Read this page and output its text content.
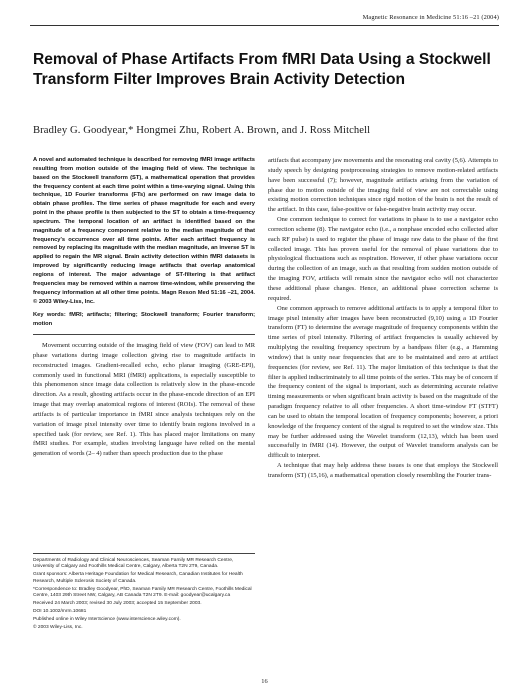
Magnetic Resonance in Medicine 51:16 –21 (2004)
Removal of Phase Artifacts From fMRI Data Using a Stockwell Transform Filter Improves Brain Activity Detection
Bradley G. Goodyear,* Hongmei Zhu, Robert A. Brown, and J. Ross Mitchell

A novel and automated technique is described for removing fMRI image artifacts resulting from motion outside of the imaging field of view. The technique is based on the Stockwell transform (ST), a mathematical operation that provides the frequency content at each time point within a time-varying signal. Using this technique, 1D Fourier transforms (FTs) are performed on raw image data to obtain phase profiles. The time series of phase magnitude for each and every point in the phase profile is then subjected to the ST to obtain a time-frequency spectrum. The temporal location of an artifact is identified based on the magnitude of a frequency component relative to the median magnitude of that frequency's occurrence over all time points. After each artifact frequency is removed by replacing its magnitude with the median magnitude, an inverse ST is applied to regain the MR signal. Brain activity detection within fMRI datasets is improved by significantly reducing image artifacts that overlap anatomical regions of interest. The major advantage of ST-filtering is that artifact frequencies may be removed within a narrow time-window, while preserving the frequency information at all other time points. Magn Reson Med 51:16 –21, 2004. © 2003 Wiley-Liss, Inc.

Key words: fMRI; artifacts; filtering; Stockwell transform; Fourier transform; motion

Movement occurring outside of the imaging field of view (FOV) can lead to MR phase variations during image collection giving rise to magnitude artifacts in reconstructed images. Gradient-recalled echo, echo planar imaging (GRE-EPI), commonly used in functional MRI (fMRI) applications, is especially susceptible to this phenomenon since image data collection is relatively slow in the phase-encode direction. As a result, ghosting artifacts occur in the phase-encode direction of an EPI image that may overlap anatomical regions of interest (ROIs). The removal of these artifacts is of particular importance in fMRI since analysis techniques rely on the variation of image pixel intensity over time to identify brain regions involved in a specified task (for review, see Ref. 1). This has placed major limitations on many fMRI studies. For example, studies involving language have relied on the mental generation of words (2– 4) rather than speech production due to the phase

artifacts that accompany jaw movements and the resonating oral cavity (5,6). Attempts to study speech by designing postprocessing strategies to remove motion-related artifacts have been successful (7); however, magnitude artifacts arising from the variation of phase due to motion outside of the imaging field of view are not correctable using existing motion correction techniques since rigid motion of the brain is not the result of the artifact. In this case, false-positive or false-negative brain activity may occur.

One common technique to correct for variations in phase is to use a navigator echo correction scheme (8). The navigator echo (i.e., a nonphase encoded echo collected after each RF pulse) is used to register the phase of image raw data to the phase of the first collected image. This has proven useful for the removal of phase variations due to physiological fluctuations such as respiration. However, if other phase variations occur during the collection of an image, such as that resulting from sudden motion outside of the imaging FOV, artifacts will remain since the navigator echo will not characterize these additional phase changes. Hence, an additional phase correction scheme is required.

One common approach to remove additional artifacts is to apply a temporal filter to image pixel intensity after images have been reconstructed (9,10) using a 1D Fourier transform (FT) to determine the average magnitude of frequency components within the time series of pixel intensity. Filtering of artifact frequencies is usually achieved by multiplying the resulting frequency spectrum by a bandpass filter (e.g., a Hamming window) that is unity near frequencies that are to be maintained and zero at artifact frequencies (for review, see Ref. 11). The major limitation of this technique is that the filter is applied indiscriminately to all time points of the series. This may be of concern if the frequency content of the signal is important, such as determining accurate relative timing measurements or when significant brain activity is based on the magnitude of the paradigm frequency relative to all other frequencies. A short time-window FT (STFT) can be used to obtain the temporal location of frequency components; however, a priori knowledge of the frequency content of the signal is required to set the window size. This may be further addressed using the Wavelet transform (12,13), which has been used successfully in fMRI (14). However, the output of Wavelet transform analysis can be difficult to interpret.

A technique that may help address these issues is one that employs the Stockwell transform (ST) (15,16), a mathematical operation closely resembling the Fourier trans-

Departments of Radiology and Clinical Neurosciences, Seaman Family MR Research Centre, University of Calgary and Foothills Medical Centre, Calgary, Alberta T2N 2T9, Canada.

Grant sponsors: Alberta Heritage Foundation for Medical Research, Canadian Institutes for Health Research, Multiple Sclerosis Society of Canada.

*Correspondence to: Bradley Goodyear, PhD, Seaman Family MR Research Centre, Foothills Medical Centre, 1403 29th Street NW, Calgary, AB Canada T2N 2T9. E-mail: goodyear@ucalgary.ca

Received 24 March 2003; revised 30 July 2003; accepted 15 September 2003.

DOI 10.1002/mrm.10681

Published online in Wiley InterScience (www.interscience.wiley.com).

© 2003 Wiley-Liss, Inc.

16
